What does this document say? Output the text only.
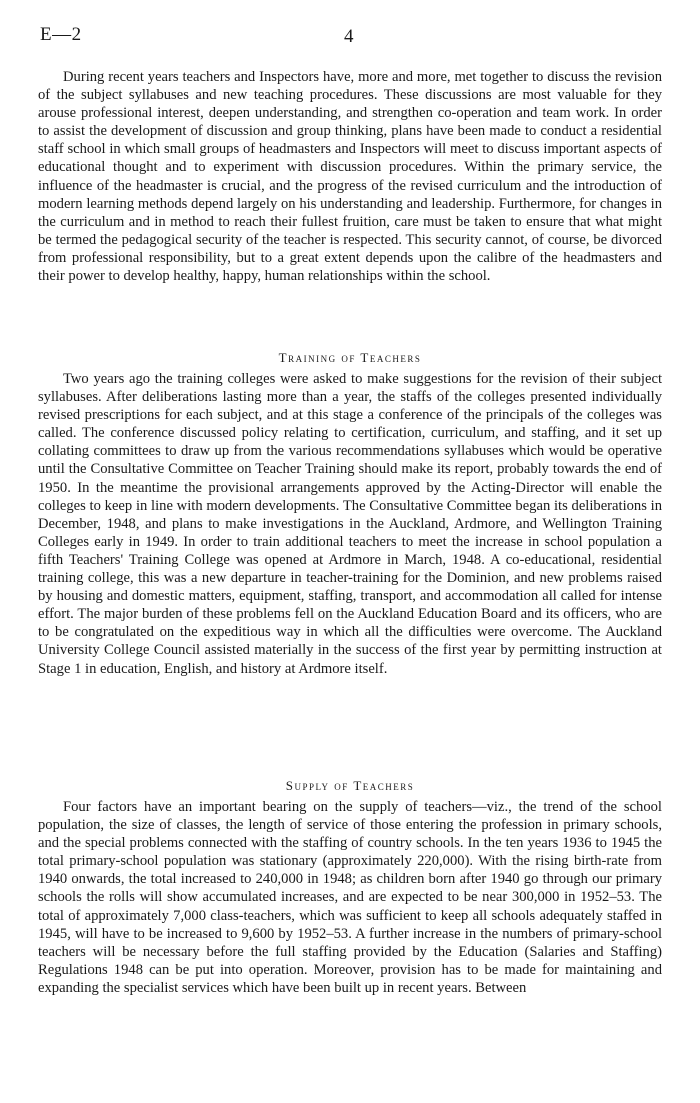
E—2	4

During recent years teachers and Inspectors have, more and more, met together to discuss the revision of the subject syllabuses and new teaching procedures. These discussions are most valuable for they arouse professional interest, deepen understanding, and strengthen co-operation and team work. In order to assist the development of discussion and group thinking, plans have been made to conduct a residential staff school in which small groups of headmasters and Inspectors will meet to discuss important aspects of educational thought and to experiment with discussion procedures. Within the primary service, the influence of the headmaster is crucial, and the progress of the revised curriculum and the introduction of modern learning methods depend largely on his understanding and leadership. Furthermore, for changes in the curriculum and in method to reach their fullest fruition, care must be taken to ensure that what might be termed the pedagogical security of the teacher is respected. This security cannot, of course, be divorced from professional responsibility, but to a great extent depends upon the calibre of the headmasters and their power to develop healthy, happy, human relationships within the school.

Training of Teachers

Two years ago the training colleges were asked to make suggestions for the revision of their subject syllabuses. After deliberations lasting more than a year, the staffs of the colleges presented individually revised prescriptions for each subject, and at this stage a conference of the principals of the colleges was called. The conference discussed policy relating to certification, curriculum, and staffing, and it set up collating committees to draw up from the various recommendations syllabuses which would be operative until the Consultative Committee on Teacher Training should make its report, probably towards the end of 1950. In the meantime the provisional arrangements approved by the Acting-Director will enable the colleges to keep in line with modern developments. The Consultative Committee began its deliberations in December, 1948, and plans to make investigations in the Auckland, Ardmore, and Wellington Training Colleges early in 1949. In order to train additional teachers to meet the increase in school population a fifth Teachers' Training College was opened at Ardmore in March, 1948. A co-educational, residential training college, this was a new departure in teacher-training for the Dominion, and new problems raised by housing and domestic matters, equipment, staffing, transport, and accommodation all called for intense effort. The major burden of these problems fell on the Auckland Education Board and its officers, who are to be congratulated on the expeditious way in which all the difficulties were overcome. The Auckland University College Council assisted materially in the success of the first year by permitting instruction at Stage 1 in education, English, and history at Ardmore itself.

Supply of Teachers

Four factors have an important bearing on the supply of teachers—viz., the trend of the school population, the size of classes, the length of service of those entering the profession in primary schools, and the special problems connected with the staffing of country schools. In the ten years 1936 to 1945 the total primary-school population was stationary (approximately 220,000). With the rising birth-rate from 1940 onwards, the total increased to 240,000 in 1948; as children born after 1940 go through our primary schools the rolls will show accumulated increases, and are expected to be near 300,000 in 1952–53. The total of approximately 7,000 class-teachers, which was sufficient to keep all schools adequately staffed in 1945, will have to be increased to 9,600 by 1952–53. A further increase in the numbers of primary-school teachers will be necessary before the full staffing provided by the Education (Salaries and Staffing) Regulations 1948 can be put into operation. Moreover, provision has to be made for maintaining and expanding the specialist services which have been built up in recent years. Between
